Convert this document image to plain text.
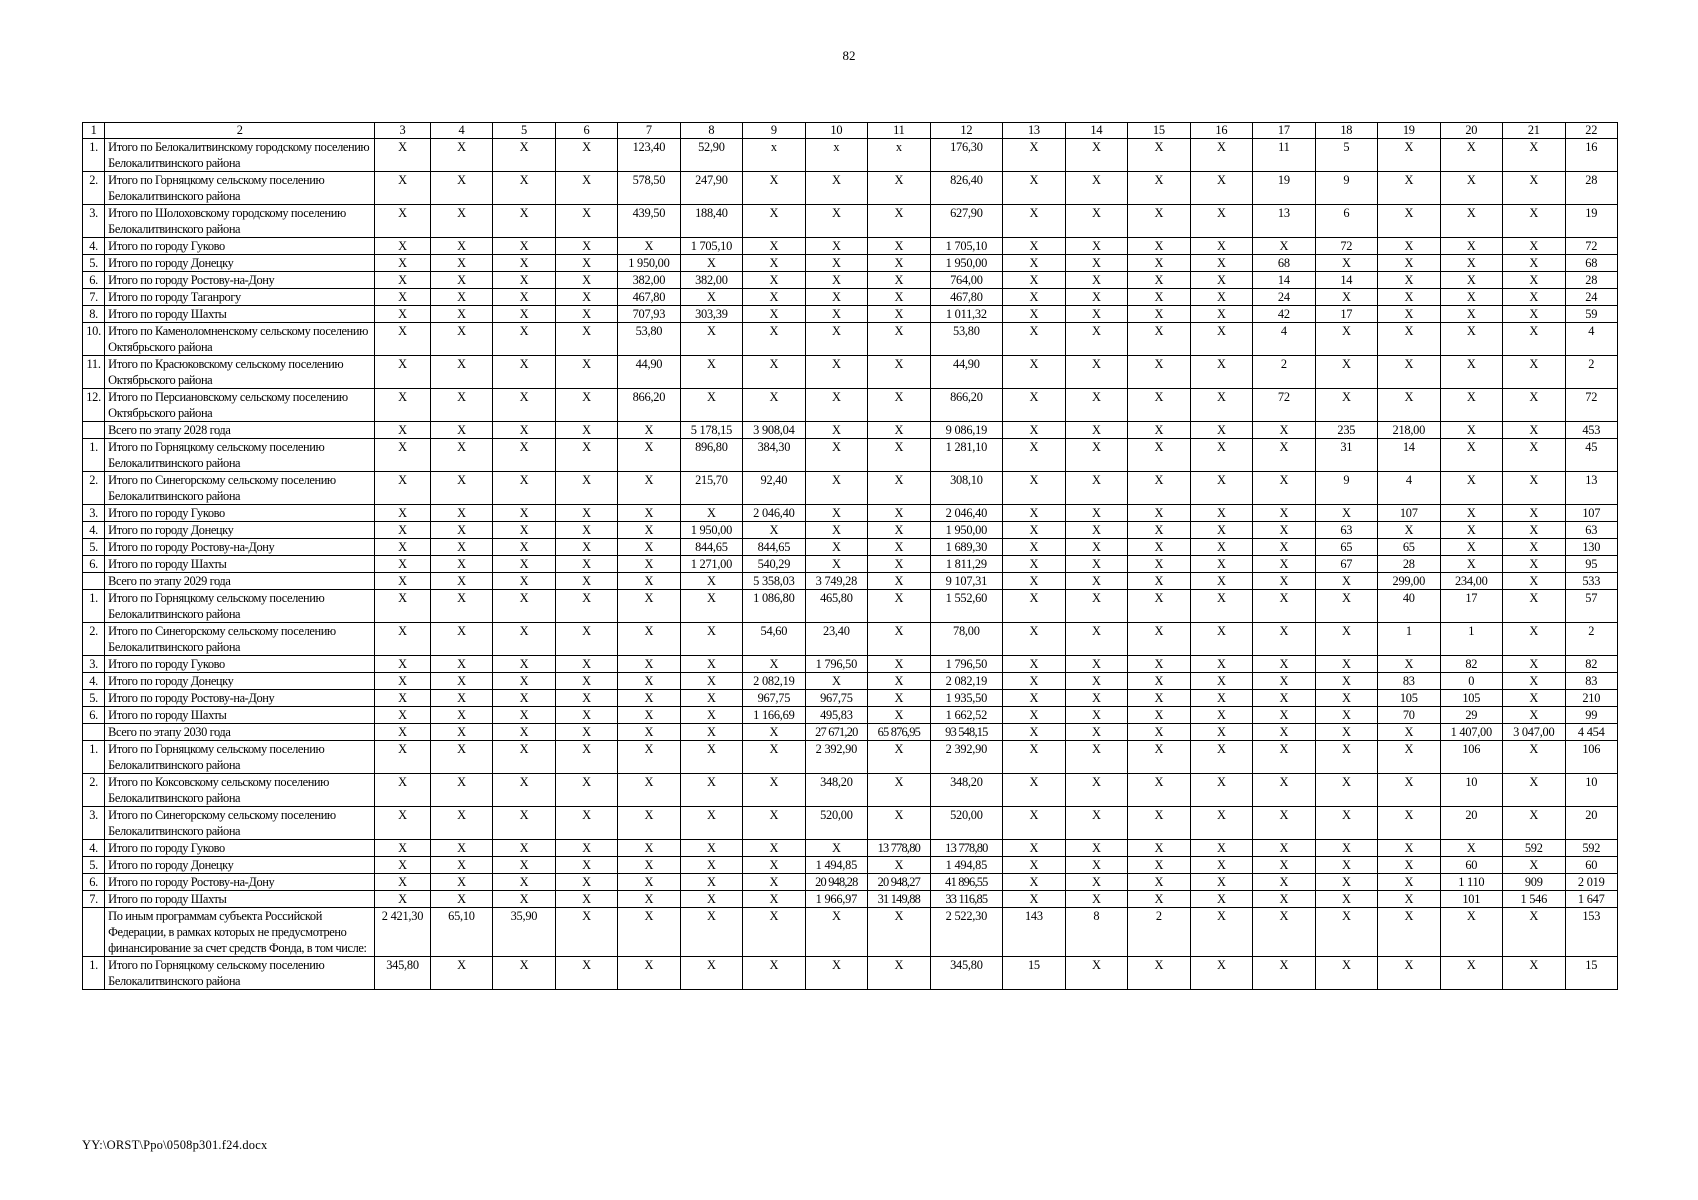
82
1	2	3	4	5	6	7	8	9	10	11	12	13	14	15	16	17	18	19	20	21	22
1.	Итого по Белокалитвинскому городскому поселению Белокалитвинского района	X	X	X	X	123,40	52,90	x	x	x	176,30	X	X	X	X	11	5	X	X	X	16
2.	Итого по Горняцкому сельскому поселению Белокалитвинского района	X	X	X	X	578,50	247,90	X	X	X	826,40	X	X	X	X	19	9	X	X	X	28
3.	Итого по Шолоховскому городскому поселению Белокалитвинского района	X	X	X	X	439,50	188,40	X	X	X	627,90	X	X	X	X	13	6	X	X	X	19
4.	Итого по городу Гуково	X	X	X	X	X	1 705,10	X	X	X	1 705,10	X	X	X	X	X	72	X	X	X	72
5.	Итого по городу Донецку	X	X	X	X	1 950,00	X	X	X	X	1 950,00	X	X	X	X	68	X	X	X	X	68
6.	Итого по городу Ростову-на-Дону	X	X	X	X	382,00	382,00	X	X	X	764,00	X	X	X	X	14	14	X	X	X	28
7.	Итого по городу Таганрогу	X	X	X	X	467,80	X	X	X	X	467,80	X	X	X	X	24	X	X	X	X	24
8.	Итого по городу Шахты	X	X	X	X	707,93	303,39	X	X	X	1 011,32	X	X	X	X	42	17	X	X	X	59
10.	Итого по Каменоломненскому сельскому поселению Октябрьского района	X	X	X	X	53,80	X	X	X	X	53,80	X	X	X	X	4	X	X	X	X	4
11.	Итого по Красюковскому сельскому поселению Октябрьского района	X	X	X	X	44,90	X	X	X	X	44,90	X	X	X	X	2	X	X	X	X	2
12.	Итого по Персиановскому сельскому поселению Октябрьского района	X	X	X	X	866,20	X	X	X	X	866,20	X	X	X	X	72	X	X	X	X	72
	Всего по этапу 2028 года	X	X	X	X	X	5 178,15	3 908,04	X	X	9 086,19	X	X	X	X	X	235	218,00	X	X	453
1.	Итого по Горняцкому сельскому поселению Белокалитвинского района	X	X	X	X	X	896,80	384,30	X	X	1 281,10	X	X	X	X	X	31	14	X	X	45
2.	Итого по Синегорскому сельскому поселению Белокалитвинского района	X	X	X	X	X	215,70	92,40	X	X	308,10	X	X	X	X	X	9	4	X	X	13
3.	Итого по городу Гуково	X	X	X	X	X	X	2 046,40	X	X	2 046,40	X	X	X	X	X	X	107	X	X	107
4.	Итого по городу Донецку	X	X	X	X	X	1 950,00	X	X	X	1 950,00	X	X	X	X	X	63	X	X	X	63
5.	Итого по городу Ростову-на-Дону	X	X	X	X	X	844,65	844,65	X	X	1 689,30	X	X	X	X	X	65	65	X	X	130
6.	Итого по городу Шахты	X	X	X	X	X	1 271,00	540,29	X	X	1 811,29	X	X	X	X	X	67	28	X	X	95
	Всего по этапу 2029 года	X	X	X	X	X	X	5 358,03	3 749,28	X	9 107,31	X	X	X	X	X	X	299,00	234,00	X	533
1.	Итого по Горняцкому сельскому поселению Белокалитвинского района	X	X	X	X	X	X	1 086,80	465,80	X	1 552,60	X	X	X	X	X	X	40	17	X	57
2.	Итого по Синегорскому сельскому поселению Белокалитвинского района	X	X	X	X	X	X	54,60	23,40	X	78,00	X	X	X	X	X	X	1	1	X	2
3.	Итого по городу Гуково	X	X	X	X	X	X	X	1 796,50	X	1 796,50	X	X	X	X	X	X	X	82	X	82
4.	Итого по городу Донецку	X	X	X	X	X	X	2 082,19	X	X	2 082,19	X	X	X	X	X	X	83	0	X	83
5.	Итого по городу Ростову-на-Дону	X	X	X	X	X	X	967,75	967,75	X	1 935,50	X	X	X	X	X	X	105	105	X	210
6.	Итого по городу Шахты	X	X	X	X	X	X	1 166,69	495,83	X	1 662,52	X	X	X	X	X	X	70	29	X	99
	Всего по этапу 2030 года	X	X	X	X	X	X	X	27 671,20	65 876,95	93 548,15	X	X	X	X	X	X	X	1 407,00	3 047,00	4 454
1.	Итого по Горняцкому сельскому поселению Белокалитвинского района	X	X	X	X	X	X	X	2 392,90	X	2 392,90	X	X	X	X	X	X	X	106	X	106
2.	Итого по Коксовскому сельскому поселению Белокалитвинского района	X	X	X	X	X	X	X	348,20	X	348,20	X	X	X	X	X	X	X	10	X	10
3.	Итого по Синегорскому сельскому поселению Белокалитвинского района	X	X	X	X	X	X	X	520,00	X	520,00	X	X	X	X	X	X	X	20	X	20
4.	Итого по городу Гуково	X	X	X	X	X	X	X	X	13 778,80	13 778,80	X	X	X	X	X	X	X	X	592	592
5.	Итого по городу Донецку	X	X	X	X	X	X	X	1 494,85	X	1 494,85	X	X	X	X	X	X	X	60	X	60
6.	Итого по городу Ростову-на-Дону	X	X	X	X	X	X	X	20 948,28	20 948,27	41 896,55	X	X	X	X	X	X	X	1 110	909	2 019
7.	Итого по городу Шахты	X	X	X	X	X	X	X	1 966,97	31 149,88	33 116,85	X	X	X	X	X	X	X	101	1 546	1 647
	По иным программам субъекта Российской Федерации, в рамках которых не предусмотрено финансирование за счет средств Фонда, в том числе:	2 421,30	65,10	35,90	X	X	X	X	X	X	2 522,30	143	8	2	X	X	X	X	X	X	153
1.	Итого по Горняцкому сельскому поселению Белокалитвинского района	345,80	X	X	X	X	X	X	X	X	345,80	15	X	X	X	X	X	X	X	X	15
YY:\ORST\Ppo\0508p301.f24.docx
